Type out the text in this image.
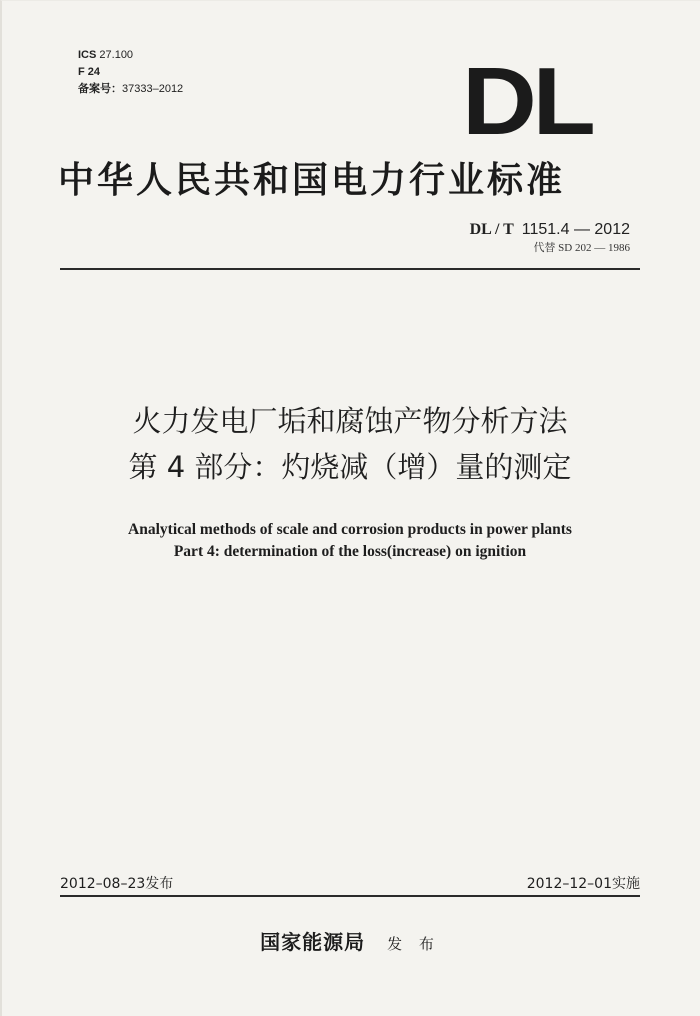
ICS 27.100
F 24
备案号：37333–2012	DL
中华人民共和国电力行业标准
DL / T 1151.4 — 2012
代替 SD 202 — 1986
火力发电厂垢和腐蚀产物分析方法
第 4 部分：灼烧减（增）量的测定
Analytical methods of scale and corrosion products in power plants
Part 4: determination of the loss(increase) on ignition
2012–08–23发布	2012–12–01实施
国家能源局 发 布
